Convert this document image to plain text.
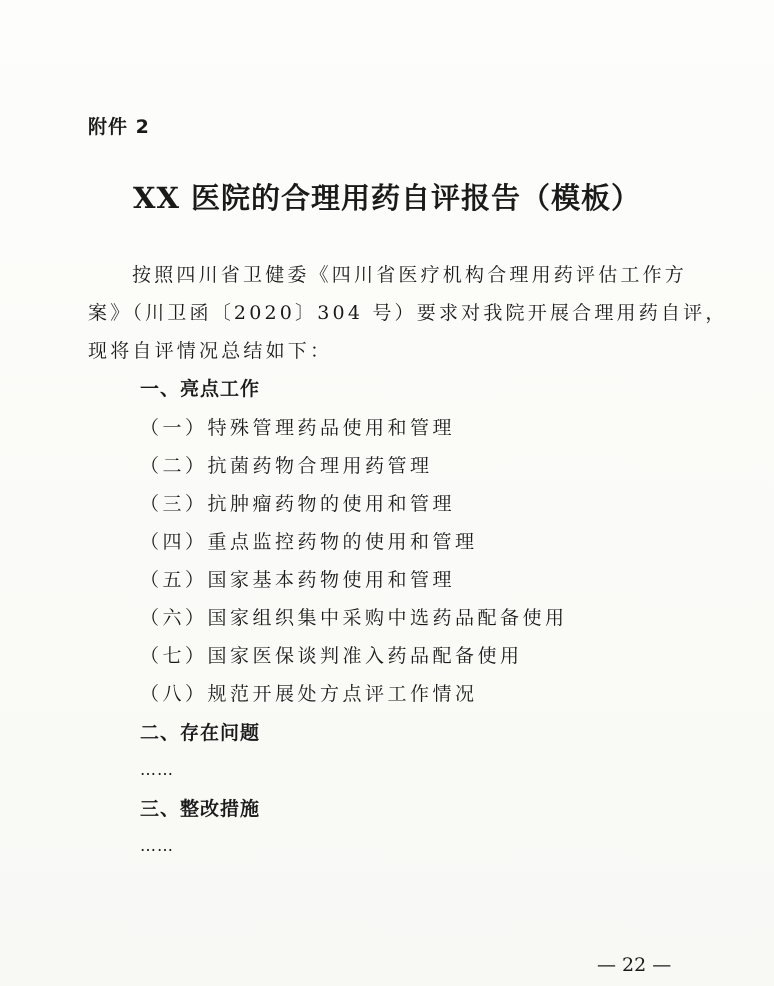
附件 2
XX 医院的合理用药自评报告（模板）
按照四川省卫健委《四川省医疗机构合理用药评估工作方
案》（川卫函〔2020〕304 号）要求对我院开展合理用药自评，
现将自评情况总结如下：
一、亮点工作
（一）特殊管理药品使用和管理
（二）抗菌药物合理用药管理
（三）抗肿瘤药物的使用和管理
（四）重点监控药物的使用和管理
（五）国家基本药物使用和管理
（六）国家组织集中采购中选药品配备使用
（七）国家医保谈判准入药品配备使用
（八）规范开展处方点评工作情况
二、存在问题
……
三、整改措施
……
— 22 —
